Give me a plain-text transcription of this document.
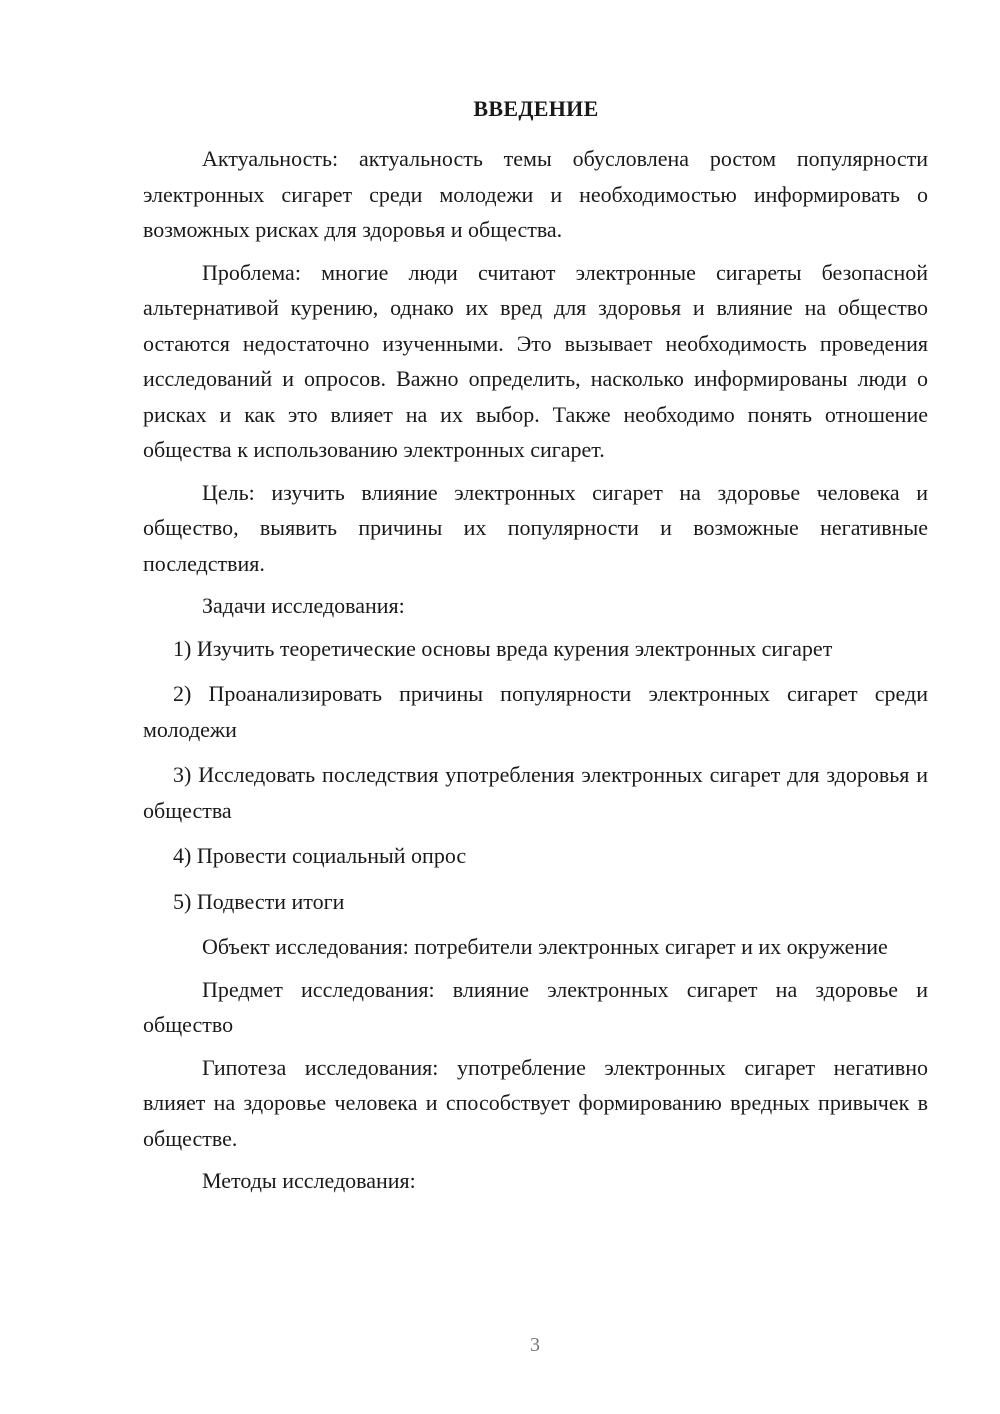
ВВЕДЕНИЕ

Актуальность: актуальность темы обусловлена ростом популярности электронных сигарет среди молодежи и необходимостью информировать о возможных рисках для здоровья и общества.

Проблема: многие люди считают электронные сигареты безопасной альтернативой курению, однако их вред для здоровья и влияние на общество остаются недостаточно изученными. Это вызывает необходимость проведения исследований и опросов. Важно определить, насколько информированы люди о рисках и как это влияет на их выбор. Также необходимо понять отношение общества к использованию электронных сигарет.

Цель: изучить влияние электронных сигарет на здоровье человека и общество, выявить причины их популярности и возможные негативные последствия.

Задачи исследования:

1) Изучить теоретические основы вреда курения электронных сигарет

2) Проанализировать причины популярности электронных сигарет среди молодежи

3) Исследовать последствия употребления электронных сигарет для здоровья и общества

4) Провести социальный опрос

5) Подвести итоги

Объект исследования: потребители электронных сигарет и их окружение

Предмет исследования: влияние электронных сигарет на здоровье и общество

Гипотеза исследования: употребление электронных сигарет негативно влияет на здоровье человека и способствует формированию вредных привычек в обществе.

Методы исследования:

3
